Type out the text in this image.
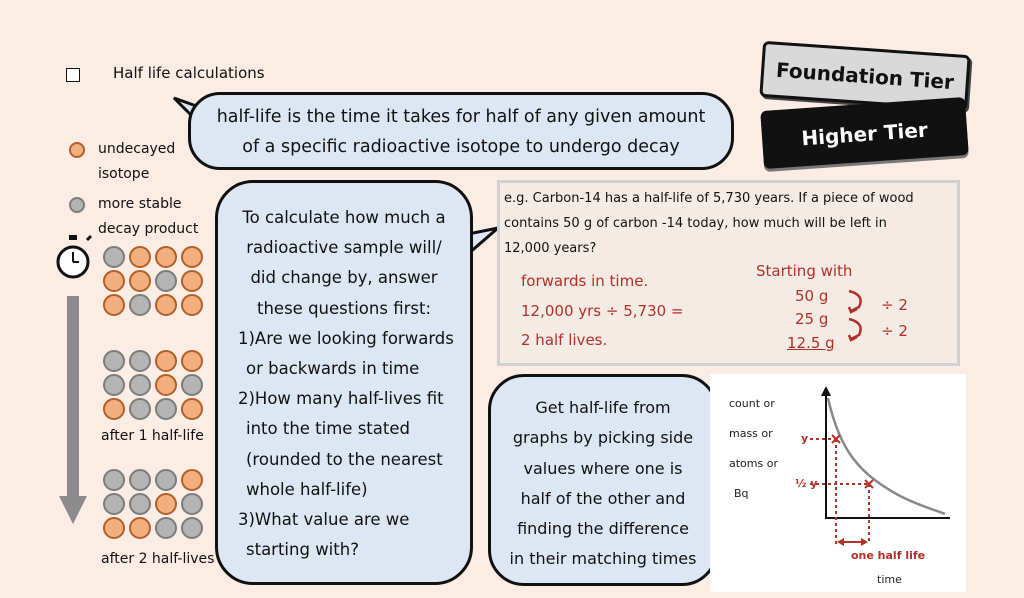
Half life calculations
half-life is the time it takes for half of any given amount
of a specific radioactive isotope to undergo decay
Foundation Tier
Higher Tier
undecayed
isotope
more stable
decay product
after 1 half-life
after 2 half-lives
To calculate how much a
radioactive sample will/
did change by, answer
these questions first:
1)Are we looking forwards
or backwards in time
2)How many half-lives fit
into the time stated
(rounded to the nearest
whole half-life)
3)What value are we
starting with?
e.g. Carbon-14 has a half-life of 5,730 years. If a piece of wood
contains 50 g of carbon -14 today, how much will be left in
12,000 years?
forwards in time.
12,000 yrs ÷ 5,730 =
2 half lives.
Starting with
50 g
25 g
12.5 g
÷ 2
÷ 2
Get half-life from
graphs by picking side
values where one is
half of the other and
finding the difference
in their matching times
count or
mass or
atoms or
Bq
y
½ y
one half life
time
